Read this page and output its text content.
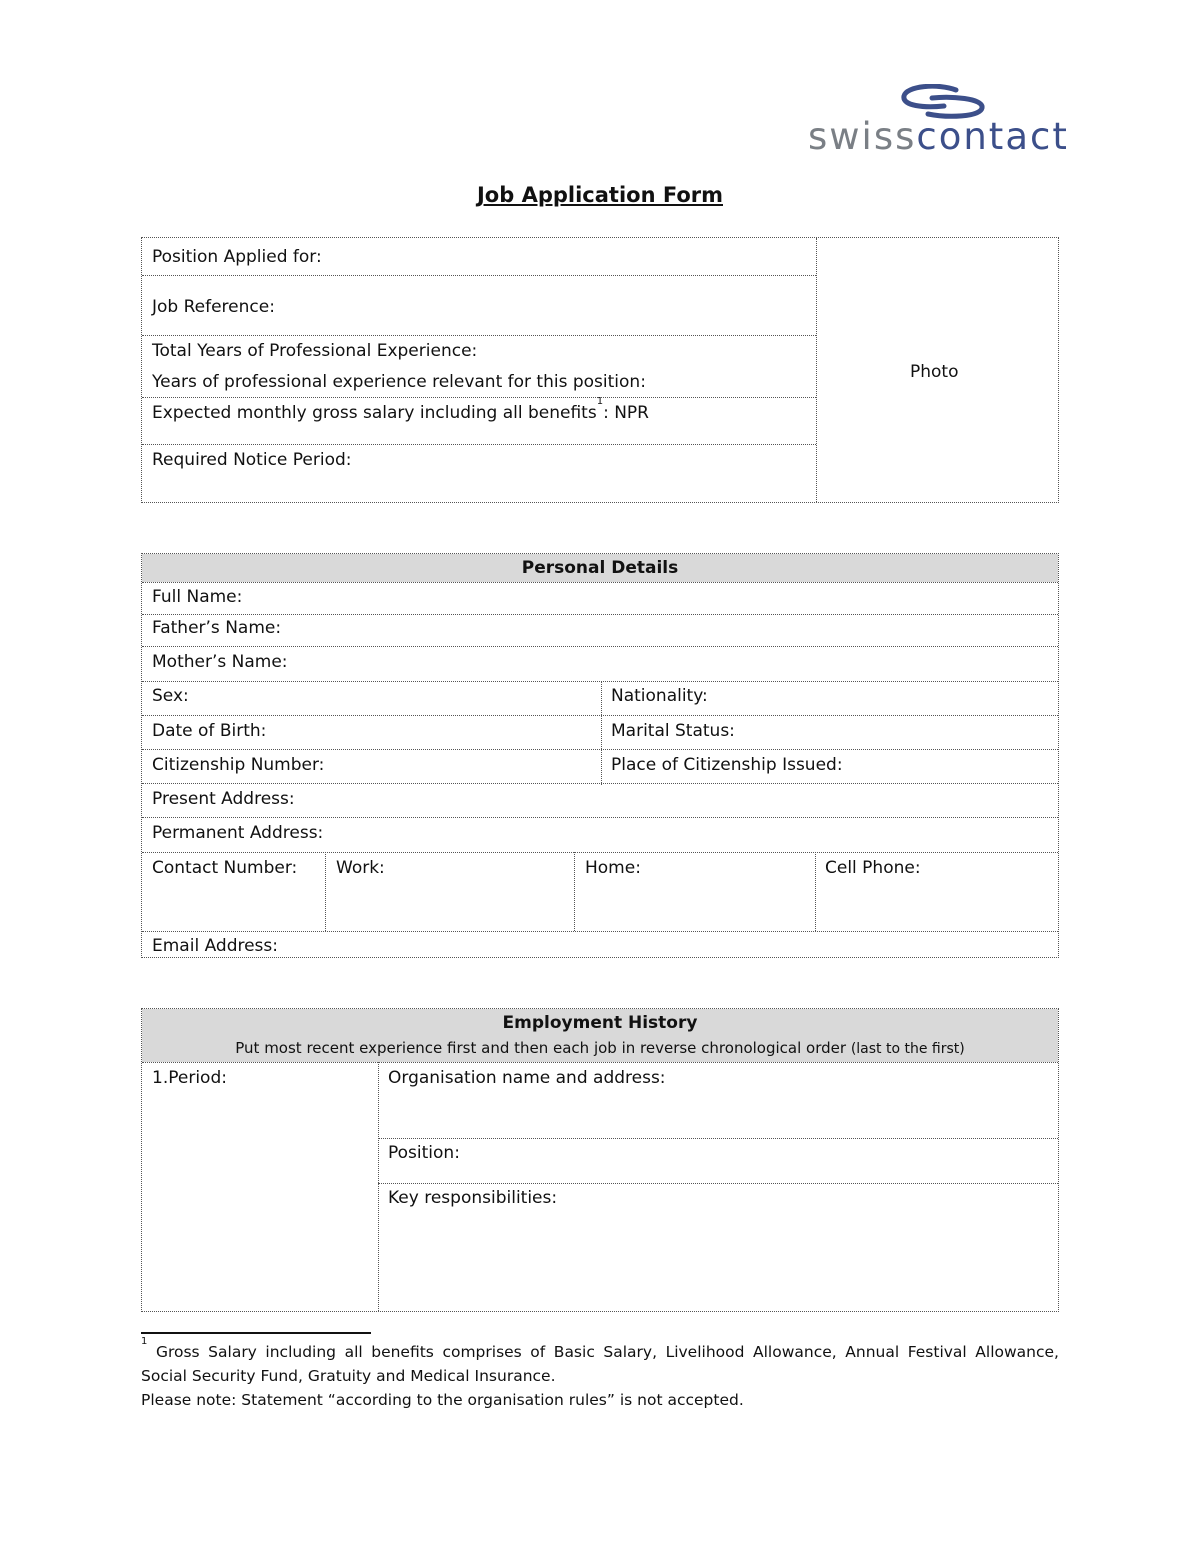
swisscontact
Job Application Form
Position Applied for:
Job Reference:
Total Years of Professional Experience:
Years of professional experience relevant for this position:
Expected monthly gross salary including all benefits$^1$: NPR
Required Notice Period:
Photo
Personal Details
Full Name:
Father’s Name:
Mother’s Name:
Sex:	Nationality:
Date of Birth:	Marital Status:
Citizenship Number:	Place of Citizenship Issued:
Present Address:
Permanent Address:
Contact Number: Work:	Home:	Cell Phone:
Email Address:
Employment History
Put most recent experience first and then each job in reverse chronological order (last to the first)
1.Period:	Organisation name and address:
Position:
Key responsibilities:
$^1$ Gross Salary including all benefits comprises of Basic Salary, Livelihood Allowance, Annual Festival Allowance, Social Security Fund, Gratuity and Medical Insurance.
Please note: Statement “according to the organisation rules” is not accepted.
